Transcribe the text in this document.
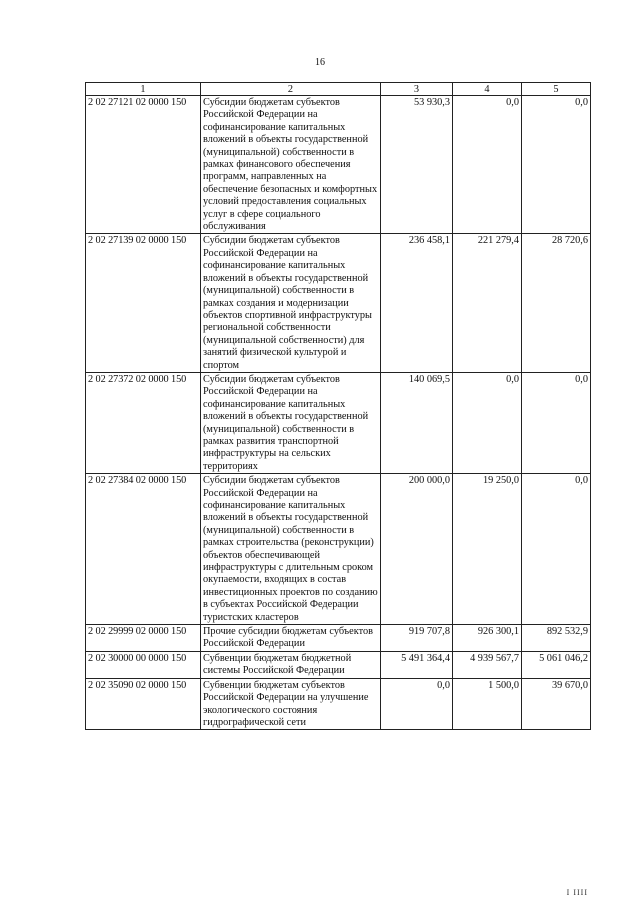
16
1	2	3	4	5
2 02 27121 02 0000 150	Субсидии бюджетам субъектов Российской Федерации на софинансирование капитальных вложений в объекты государственной (муниципальной) собственности в рамках финансового обеспечения программ, направленных на обеспечение безопасных и комфортных условий предоставления социальных услуг в сфере социального обслуживания	53 930,3	0,0	0,0
2 02 27139 02 0000 150	Субсидии бюджетам субъектов Российской Федерации на софинансирование капитальных вложений в объекты государственной (муниципальной) собственности в рамках создания и модернизации объектов спортивной инфраструктуры региональной собственности (муниципальной собственности) для занятий физической культурой и спортом	236 458,1	221 279,4	28 720,6
2 02 27372 02 0000 150	Субсидии бюджетам субъектов Российской Федерации на софинансирование капитальных вложений в объекты государственной (муниципальной) собственности в рамках развития транспортной инфраструктуры на сельских территориях	140 069,5	0,0	0,0
2 02 27384 02 0000 150	Субсидии бюджетам субъектов Российской Федерации на софинансирование капитальных вложений в объекты государственной (муниципальной) собственности в рамках строительства (реконструкции) объектов обеспечивающей инфраструктуры с длительным сроком окупаемости, входящих в состав инвестиционных проектов по созданию в субъектах Российской Федерации туристских кластеров	200 000,0	19 250,0	0,0
2 02 29999 02 0000 150	Прочие субсидии бюджетам субъектов Российской Федерации	919 707,8	926 300,1	892 532,9
2 02 30000 00 0000 150	Субвенции бюджетам бюджетной системы Российской Федерации	5 491 364,4	4 939 567,7	5 061 046,2
2 02 35090 02 0000 150	Субвенции бюджетам субъектов Российской Федерации на улучшение экологического состояния гидрографической сети	0,0	1 500,0	39 670,0
I IIII
